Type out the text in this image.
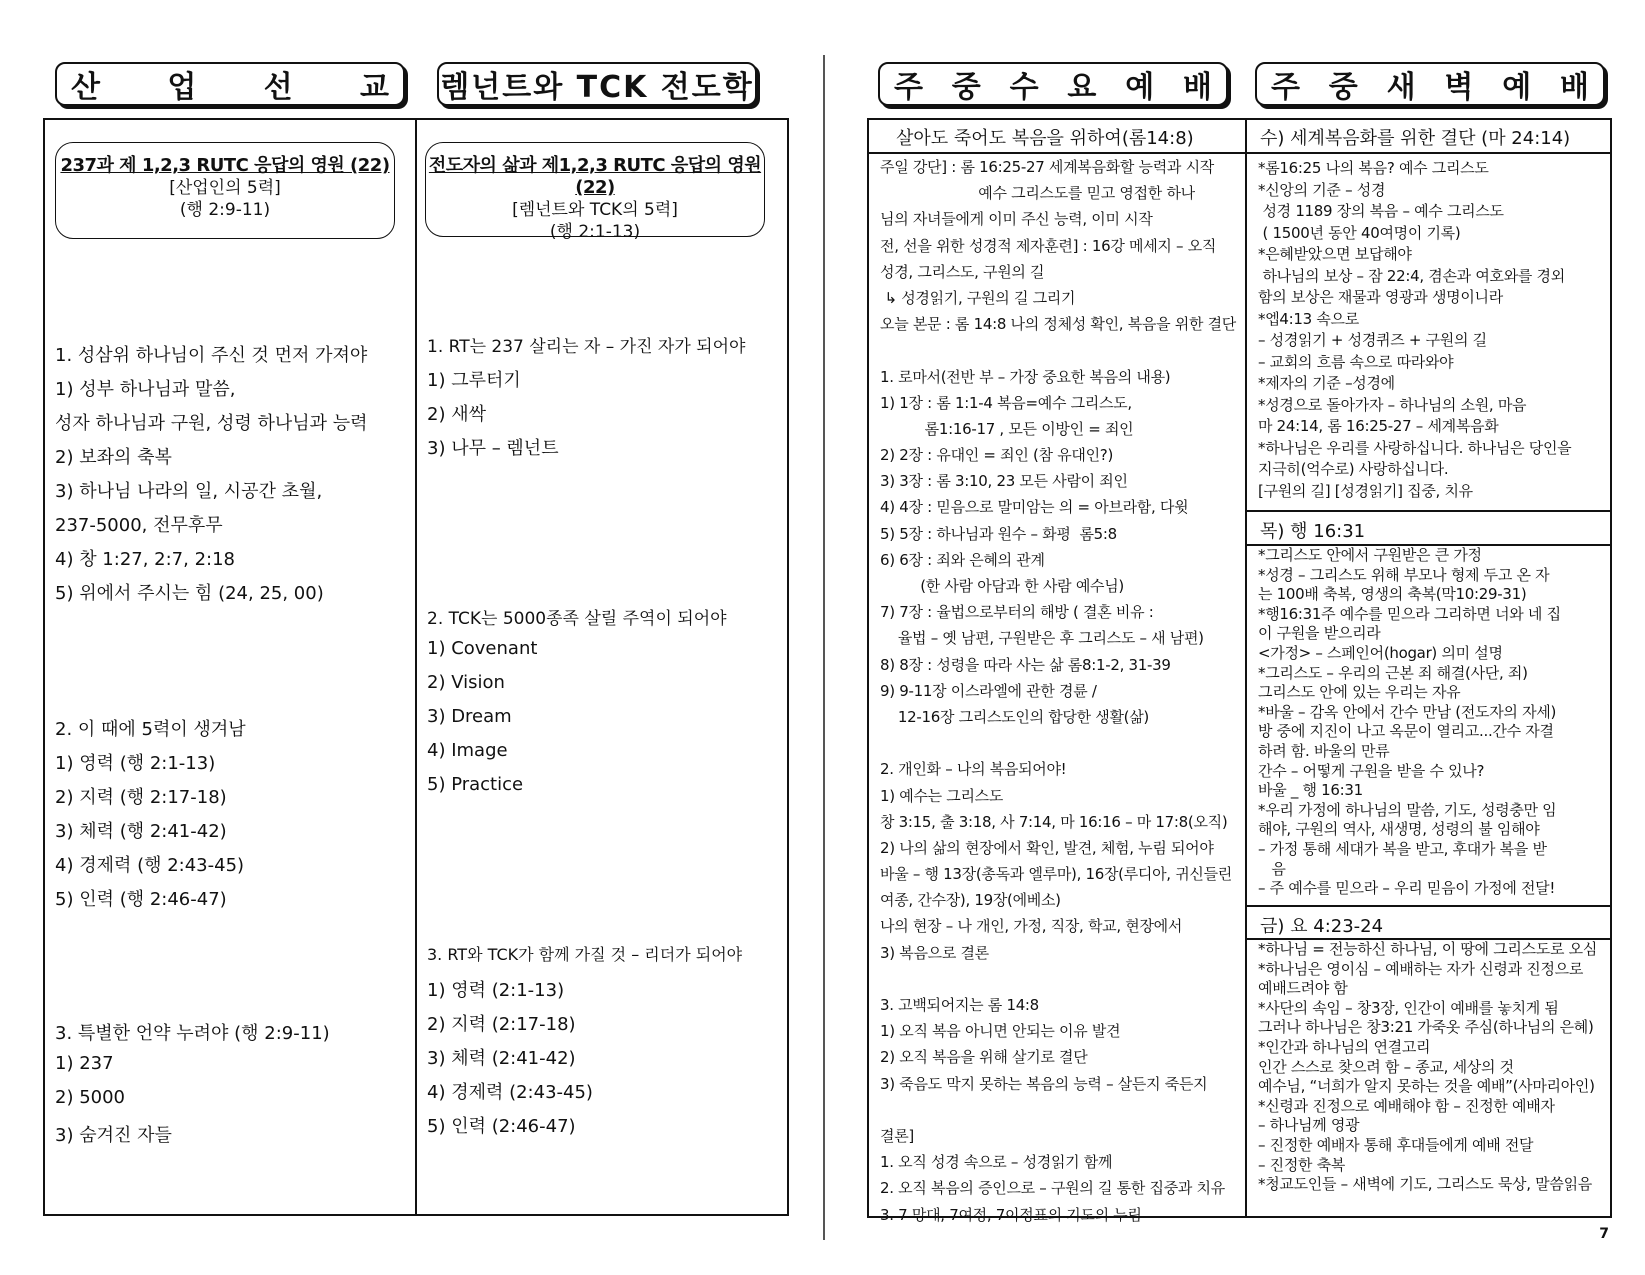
산 업 선 교 렘넌트와 TCK 전도학	주 중 수 요 예 배 주 중 새 벽 예 배
237과 제 1,2,3 RUTC 응답의 영원 (22)
[산업인의 5력]
(행 2:9-11)
전도자의 삶과 제1,2,3 RUTC 응답의 영원 (22)
[렘넌트와 TCK의 5력]
(행 2:1-13)
1. 성삼위 하나님이 주신 것 먼저 가져야
1) 성부 하나님과 말씀,
성자 하나님과 구원, 성령 하나님과 능력
2) 보좌의 축복
3) 하나님 나라의 일, 시공간 초월,
237-5000, 전무후무
4) 창 1:27, 2:7, 2:18
5) 위에서 주시는 힘 (24, 25, 00)
2. 이 때에 5력이 생겨남
1) 영력 (행 2:1-13)
2) 지력 (행 2:17-18)
3) 체력 (행 2:41-42)
4) 경제력 (행 2:43-45)
5) 인력 (행 2:46-47)
3. 특별한 언약 누려야 (행 2:9-11)
1) 237
2) 5000
3) 숨겨진 자들
1. RT는 237 살리는 자 – 가진 자가 되어야
1) 그루터기
2) 새싹
3) 나무 – 렘넌트
2. TCK는 5000종족 살릴 주역이 되어야
1) Covenant
2) Vision
3) Dream
4) Image
5) Practice
3. RT와 TCK가 함께 가질 것 – 리더가 되어야
1) 영력 (2:1-13)
2) 지력 (2:17-18)
3) 체력 (2:41-42)
4) 경제력 (2:43-45)
5) 인력 (2:46-47)
살아도 죽어도 복음을 위하여(롬14:8)	수) 세계복음화를 위한 결단 (마 24:14)
목) 행 16:31
금) 요 4:23-24
주일 강단] : 롬 16:25-27 세계복음화할 능력과 시작
예수 그리스도를 믿고 영접한 하나
님의 자녀들에게 이미 주신 능력, 이미 시작
전, 선을 위한 성경적 제자훈련] : 16강 메세지 – 오직
성경, 그리스도, 구원의 길
↳ 성경읽기, 구원의 길 그리기
오늘 본문 : 롬 14:8 나의 정체성 확인, 복음을 위한 결단
1. 로마서(전반 부 – 가장 중요한 복음의 내용)
1) 1장 : 롬 1:1-4 복음=예수 그리스도,
롬1:16-17 , 모든 이방인 = 죄인
2) 2장 : 유대인 = 죄인 (참 유대인?)
3) 3장 : 롬 3:10, 23 모든 사람이 죄인
4) 4장 : 믿음으로 말미암는 의 = 아브라함, 다윗
5) 5장 : 하나님과 원수 – 화평  롬5:8
6) 6장 : 죄와 은혜의 관계
(한 사람 아담과 한 사람 예수님)
7) 7장 : 율법으로부터의 해방 ( 결혼 비유 :
율법 – 옛 남편, 구원받은 후 그리스도 – 새 남편)
8) 8장 : 성령을 따라 사는 삶 롬8:1-2, 31-39
9) 9-11장 이스라엘에 관한 경륜 /
12-16장 그리스도인의 합당한 생활(삶)
2. 개인화 – 나의 복음되어야!
1) 예수는 그리스도
창 3:15, 출 3:18, 사 7:14, 마 16:16 – 마 17:8(오직)
2) 나의 삶의 현장에서 확인, 발견, 체험, 누림 되어야
바울 – 행 13장(총독과 엘루마), 16장(루디아, 귀신들린
여종, 간수장), 19장(에베소)
나의 현장 – 나 개인, 가정, 직장, 학교, 현장에서
3) 복음으로 결론
3. 고백되어지는 롬 14:8
1) 오직 복음 아니면 안되는 이유 발견
2) 오직 복음을 위해 살기로 결단
3) 죽음도 막지 못하는 복음의 능력 – 살든지 죽든지
결론]
1. 오직 성경 속으로 – 성경읽기 함께
2. 오직 복음의 증인으로 – 구원의 길 통한 집중과 치유
3. 7 망대, 7여정, 7이정표의 기도의 누림
*롬16:25 나의 복음? 예수 그리스도
*신앙의 기준 – 성경
성경 1189 장의 복음 – 예수 그리스도
( 1500년 동안 40여명이 기록)
*은혜받았으면 보답해야
하나님의 보상 – 잠 22:4, 겸손과 여호와를 경외
함의 보상은 재물과 영광과 생명이니라
*엡4:13 속으로
– 성경읽기 + 성경퀴즈 + 구원의 길
– 교회의 흐름 속으로 따라와야
*제자의 기준 –성경에
*성경으로 돌아가자 – 하나님의 소원, 마음
마 24:14, 롬 16:25-27 – 세계복음화
*하나님은 우리를 사랑하십니다. 하나님은 당인을
지극히(억수로) 사랑하십니다.
[구원의 길] [성경읽기] 집중, 치유
*그리스도 안에서 구원받은 큰 가정
*성경 – 그리스도 위해 부모나 형제 두고 온 자
는 100배 축복, 영생의 축복(막10:29-31)
*행16:31주 예수를 믿으라 그리하면 너와 네 집
이 구원을 받으리라
<가정> – 스페인어(hogar) 의미 설명
*그리스도 – 우리의 근본 죄 해결(사단, 죄)
그리스도 안에 있는 우리는 자유
*바울 – 감옥 안에서 간수 만남 (전도자의 자세)
방 중에 지진이 나고 옥문이 열리고...간수 자결
하려 함. 바울의 만류
간수 – 어떻게 구원을 받을 수 있나?
바울 _ 행 16:31
*우리 가정에 하나님의 말씀, 기도, 성령충만 임
해야, 구원의 역사, 새생명, 성령의 불 임해야
– 가정 통해 세대가 복을 받고, 후대가 복을 받
음
– 주 예수를 믿으라 – 우리 믿음이 가정에 전달!
*하나님 = 전능하신 하나님, 이 땅에 그리스도로 오심
*하나님은 영이심 – 예배하는 자가 신령과 진정으로
예배드려야 함
*사단의 속임 – 창3장, 인간이 예배를 놓치게 됨
그러나 하나님은 창3:21 가죽옷 주심(하나님의 은혜)
*인간과 하나님의 연결고리
인간 스스로 찾으려 함 – 종교, 세상의 것
예수님, “너희가 알지 못하는 것을 예배”(사마리아인)
*신령과 진정으로 예배해야 함 – 진정한 예배자
– 하나님께 영광
– 진정한 예배자 통해 후대들에게 예배 전달
– 진정한 축복
*청교도인들 – 새벽에 기도, 그리스도 묵상, 말씀읽음
7
